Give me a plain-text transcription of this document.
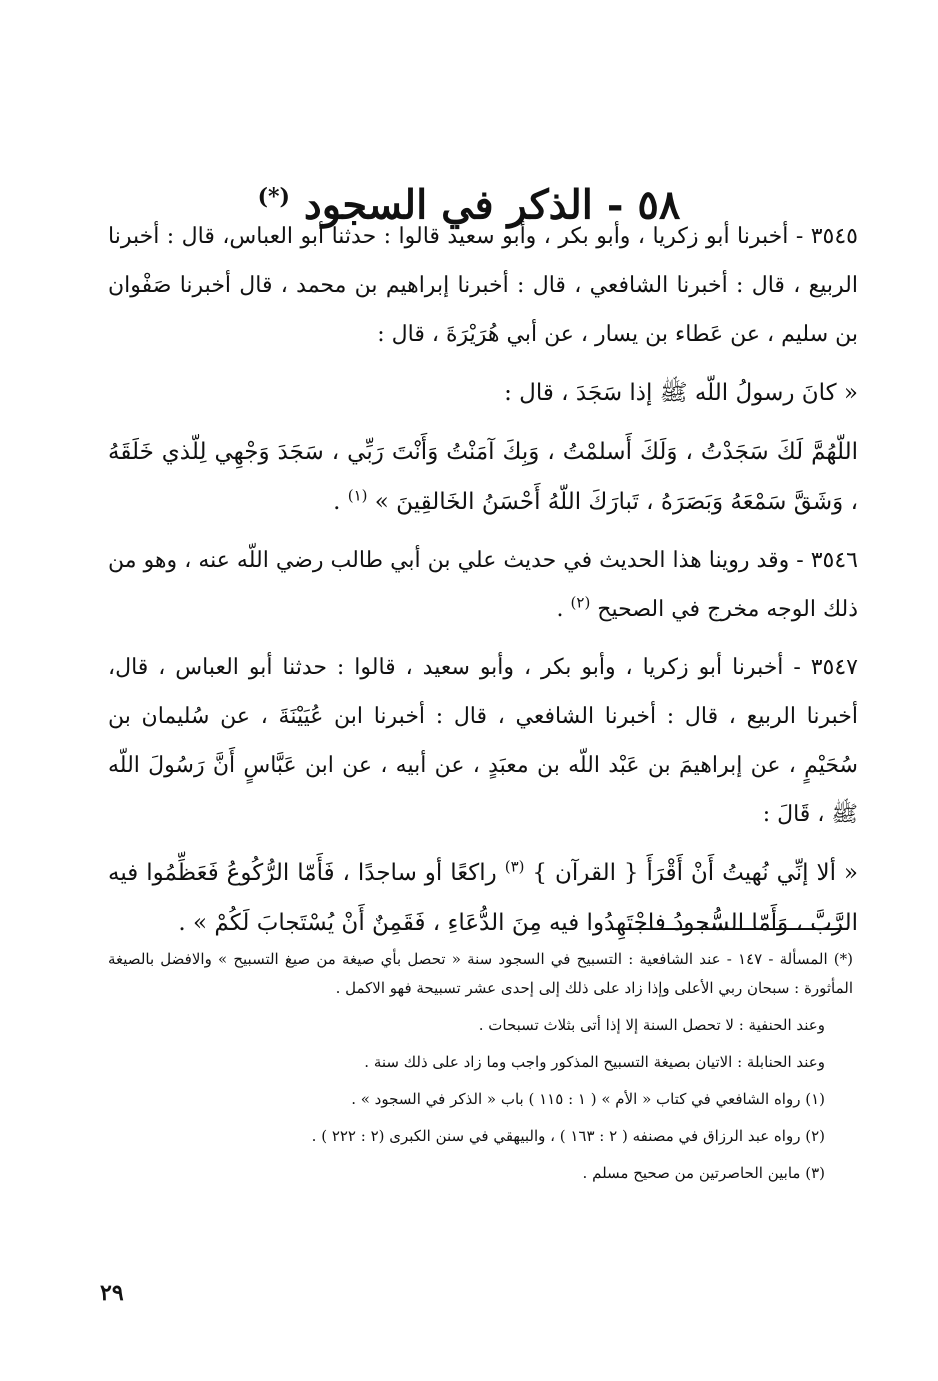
٥٨ - الذكر في السجود (*)

٣٥٤٥ - أخبرنا أبو زكريا ، وأبو بكر ، وأبو سعيد قالوا : حدثنا أبو العباس، قال : أخبرنا الربيع ، قال : أخبرنا الشافعي ، قال : أخبرنا إبراهيم بن محمد ، قال أخبرنا صَفْوان بن سليم ، عن عَطاء بن يسار ، عن أبي هُرَيْرَةَ ، قال :

« كانَ رسولُ اللّه ﷺ إذا سَجَدَ ، قال :

اللّهُمَّ لَكَ سَجَدْتُ ، وَلَكَ أَسلمْتُ ، وَبِكَ آمَنْتُ وَأَنْتَ رَبِّي ، سَجَدَ وَجْهِي لِلّذي خَلَقَهُ ، وَشَقَّ سَمْعَهُ وَبَصَرَهُ ، تَبارَكَ اللّهُ أَحْسَنُ الخَالقِينَ » $^{(١)}$ .

٣٥٤٦ - وقد روينا هذا الحديث في حديث علي بن أبي طالب رضي اللّه عنه ، وهو من ذلك الوجه مخرج في الصحيح $^{(٢)}$ .

٣٥٤٧ - أخبرنا أبو زكريا ، وأبو بكر ، وأبو سعيد ، قالوا : حدثنا أبو العباس ، قال، أخبرنا الربيع ، قال : أخبرنا الشافعي ، قال : أخبرنا ابن عُيَيْنَةَ ، عن سُليمان بن سُحَيْمٍ ، عن إبراهيمَ بن عَبْد اللّه بن معبَدٍ ، عن أبيه ، عن ابن عَبَّاسٍ أَنَّ رَسُولَ اللّه ﷺ ، قَالَ :

« ألا إنِّي نُهيتُ أَنْ أَقْرَأَ { القرآن } $^{(٣)}$ راكعًا أو ساجدًا ، فَأَمّا الرُّكُوعُ فَعَظِّمُوا فيه الرَّبَّ ، وَأَمّا السُّجودُ فاجْتَهِدُوا فيه مِنَ الدُّعَاءِ ، فَقَمِنٌ أَنْ يُسْتَجابَ لَكُمْ » .

(*) المسألة - ١٤٧ - عند الشافعية : التسبيح في السجود سنة « تحصل بأي صيغة من صيغ التسبيح » والافضل بالصيغة المأثورة : سبحان ربي الأعلى وإذا زاد على ذلك إلى إحدى عشر تسبيحة فهو الاكمل .

وعند الحنفية : لا تحصل السنة إلا إذا أتى بثلاث تسبحات .

وعند الحنابلة : الاتيان بصيغة التسبيح المذكور واجب وما زاد على ذلك سنة .

(١) رواه الشافعي في كتاب « الأم » ( ١ : ١١٥ ) باب « الذكر في السجود » .

(٢) رواه عبد الرزاق في مصنفه ( ٢ : ١٦٣ ) ، والبيهقي في سنن الكبرى (٢ : ٢٢٢ ) .

(٣) مابين الحاصرتين من صحيح مسلم .

٢٩
